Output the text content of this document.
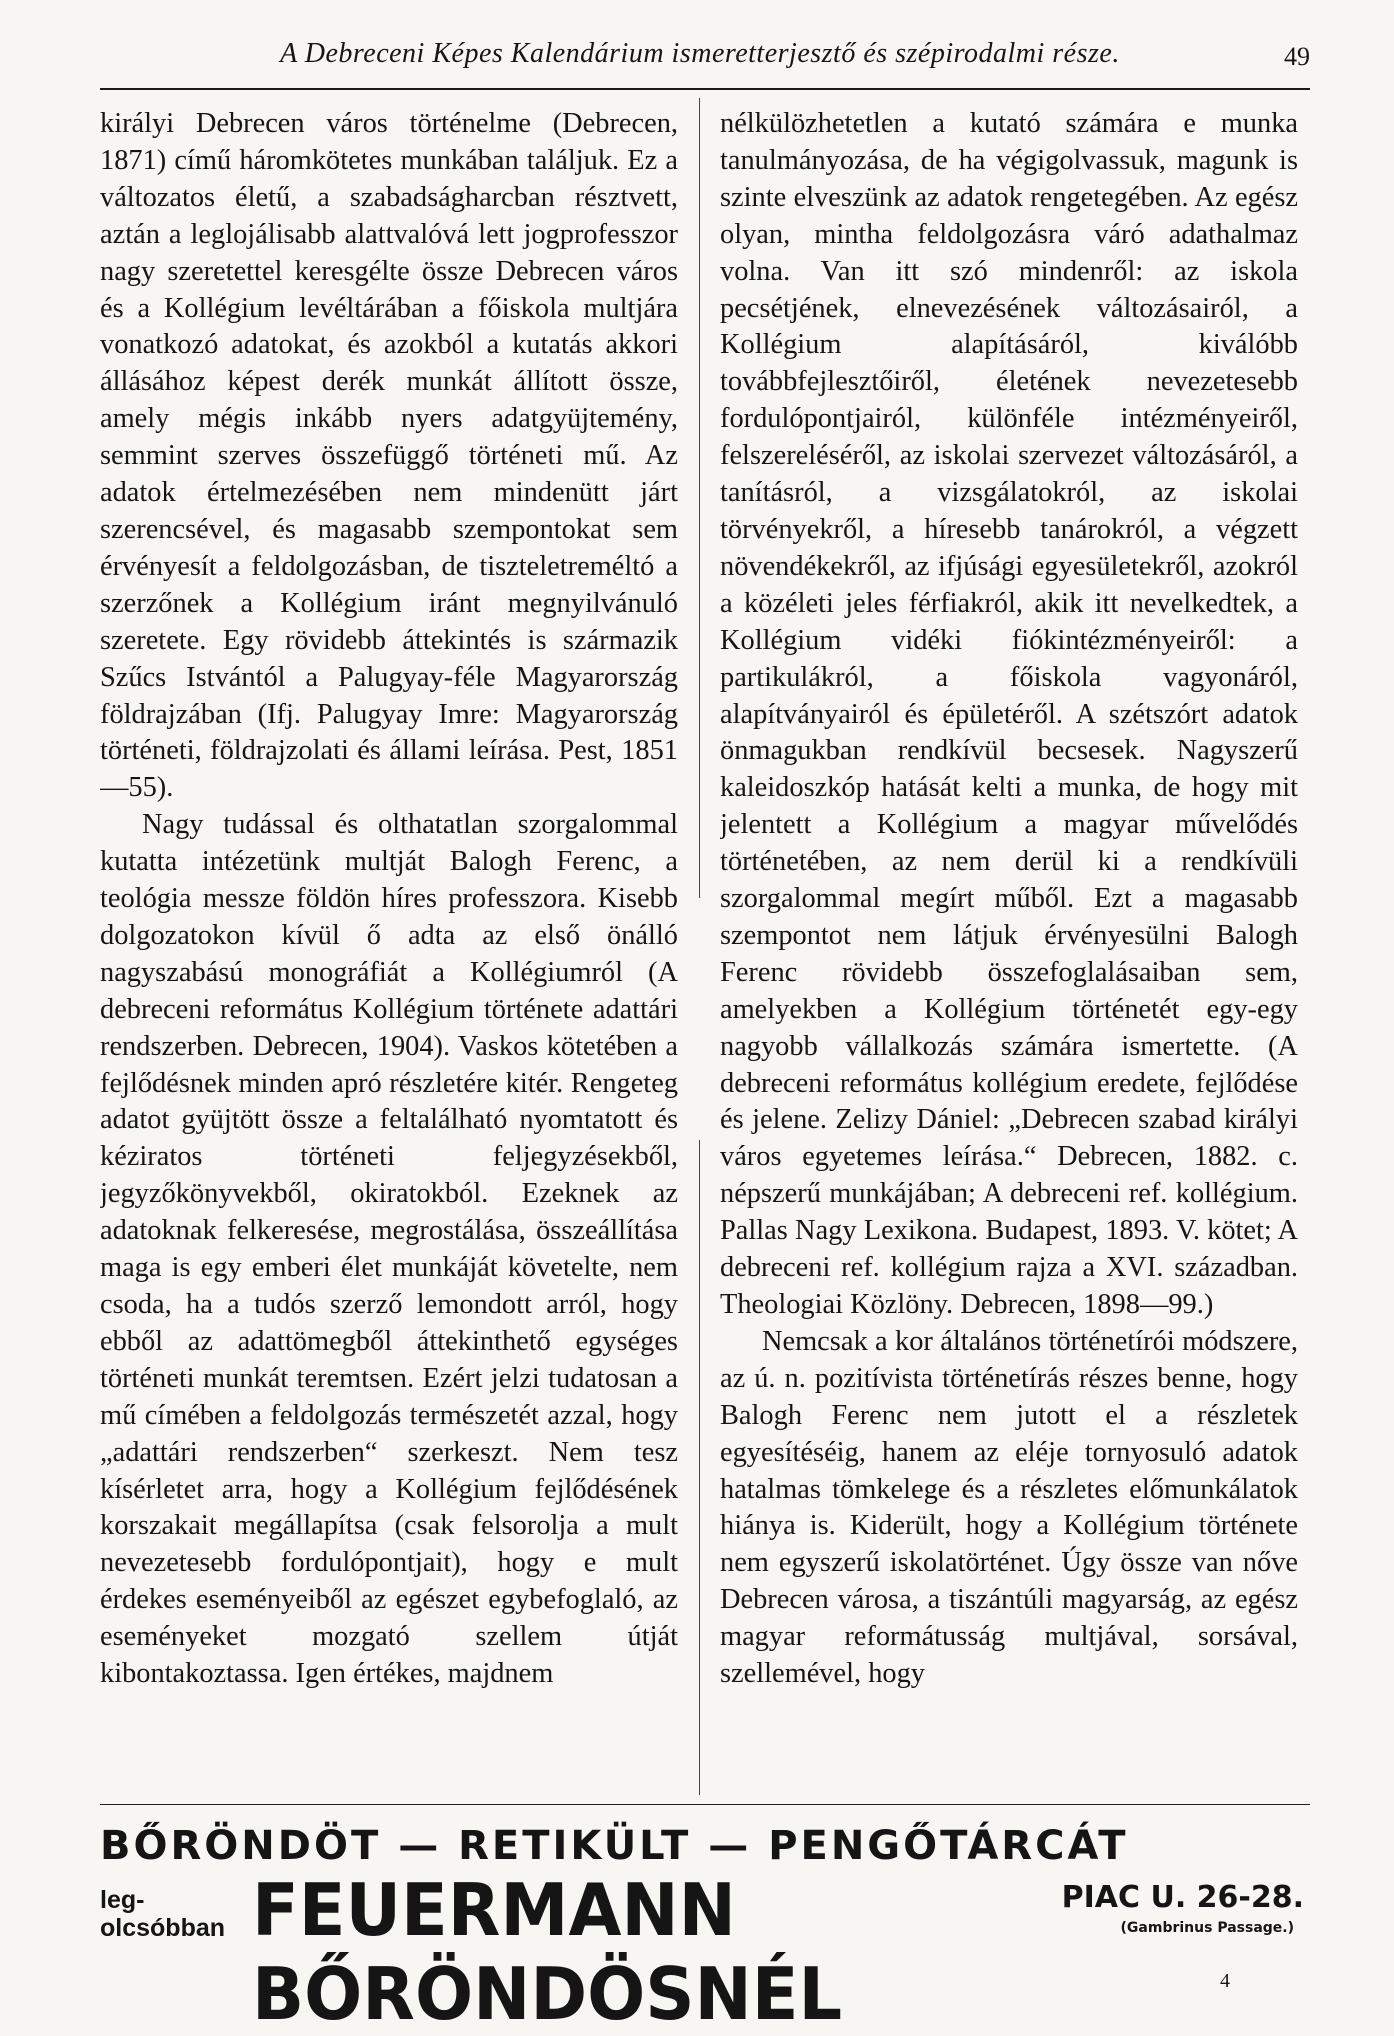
A Debreceni Képes Kalendárium ismeretterjesztő és szépirodalmi része.	49

királyi Debrecen város történelme (Debrecen, 1871) című háromkötetes munkában találjuk. Ez a változatos életű, a szabadságharcban résztvett, aztán a leglojálisabb alattvalóvá lett jogprofesszor nagy szeretettel keresgélte össze Debrecen város és a Kollégium levéltárában a főiskola multjára vonatkozó adatokat, és azokból a kutatás akkori állásához képest derék munkát állított össze, amely mégis inkább nyers adatgyüjtemény, semmint szerves összefüggő történeti mű. Az adatok értelmezésében nem mindenütt járt szerencsével, és magasabb szempontokat sem érvényesít a feldolgozásban, de tiszteletreméltó a szerzőnek a Kollégium iránt megnyilvánuló szeretete. Egy rövidebb áttekintés is származik Szűcs Istvántól a Palugyay-féle Magyarország földrajzában (Ifj. Palugyay Imre: Magyarország történeti, földrajzolati és állami leírása. Pest, 1851—55).

Nagy tudással és olthatatlan szorgalommal kutatta intézetünk multját Balogh Ferenc, a teológia messze földön híres professzora. Kisebb dolgozatokon kívül ő adta az első önálló nagyszabású monográfiát a Kollégiumról (A debreceni református Kollégium története adattári rendszerben. Debrecen, 1904). Vaskos kötetében a fejlődésnek minden apró részletére kitér. Rengeteg adatot gyüjtött össze a feltalálható nyomtatott és kéziratos történeti feljegyzésekből, jegyzőkönyvekből, okiratokból. Ezeknek az adatoknak felkeresése, megrostálása, összeállítása maga is egy emberi élet munkáját követelte, nem csoda, ha a tudós szerző lemondott arról, hogy ebből az adattömegből áttekinthető egységes történeti munkát teremtsen. Ezért jelzi tudatosan a mű címében a feldolgozás természetét azzal, hogy „adattári rendszerben“ szerkeszt. Nem tesz kísérletet arra, hogy a Kollégium fejlődésének korszakait megállapítsa (csak felsorolja a mult nevezetesebb fordulópontjait), hogy e mult érdekes eseményeiből az egészet egybefoglaló, az eseményeket mozgató szellem útját kibontakoztassa. Igen értékes, majdnem

nélkülözhetetlen a kutató számára e munka tanulmányozása, de ha végigolvassuk, magunk is szinte elveszünk az adatok rengetegében. Az egész olyan, mintha feldolgozásra váró adathalmaz volna. Van itt szó mindenről: az iskola pecsétjének, elnevezésének változásairól, a Kollégium alapításáról, kiválóbb továbbfejlesztőiről, életének nevezetesebb fordulópontjairól, különféle intézményeiről, felszereléséről, az iskolai szervezet változásáról, a tanításról, a vizsgálatokról, az iskolai törvényekről, a híresebb tanárokról, a végzett növendékekről, az ifjúsági egyesületekről, azokról a közéleti jeles férfiakról, akik itt nevelkedtek, a Kollégium vidéki fiókintézményeiről: a partikulákról, a főiskola vagyonáról, alapítványairól és épületéről. A szétszórt adatok önmagukban rendkívül becsesek. Nagyszerű kaleidoszkóp hatását kelti a munka, de hogy mit jelentett a Kollégium a magyar művelődés történetében, az nem derül ki a rendkívüli szorgalommal megírt műből. Ezt a magasabb szempontot nem látjuk érvényesülni Balogh Ferenc rövidebb összefoglalásaiban sem, amelyekben a Kollégium történetét egy-egy nagyobb vállalkozás számára ismertette. (A debreceni református kollégium eredete, fejlődése és jelene. Zelizy Dániel: „Debrecen szabad királyi város egyetemes leírása.“ Debrecen, 1882. c. népszerű munkájában; A debreceni ref. kollégium. Pallas Nagy Lexikona. Budapest, 1893. V. kötet; A debreceni ref. kollégium rajza a XVI. században. Theologiai Közlöny. Debrecen, 1898—99.)

Nemcsak a kor általános történetírói módszere, az ú. n. pozitívista történetírás részes benne, hogy Balogh Ferenc nem jutott el a részletek egyesítéséig, hanem az eléje tornyosuló adatok hatalmas tömkelege és a részletes előmunkálatok hiánya is. Kiderült, hogy a Kollégium története nem egyszerű iskolatörténet. Úgy össze van nőve Debrecen városa, a tiszántúli magyarság, az egész magyar reformátusság multjával, sorsával, szellemével, hogy

BŐRÖNDÖT — RETIKÜLT — PENGŐTÁRCÁT
leg-
olcsóbban FEUERMANN BŐRÖNDÖSNÉL
PIAC U. 26-28.
(Gambrinus Passage.)
4
